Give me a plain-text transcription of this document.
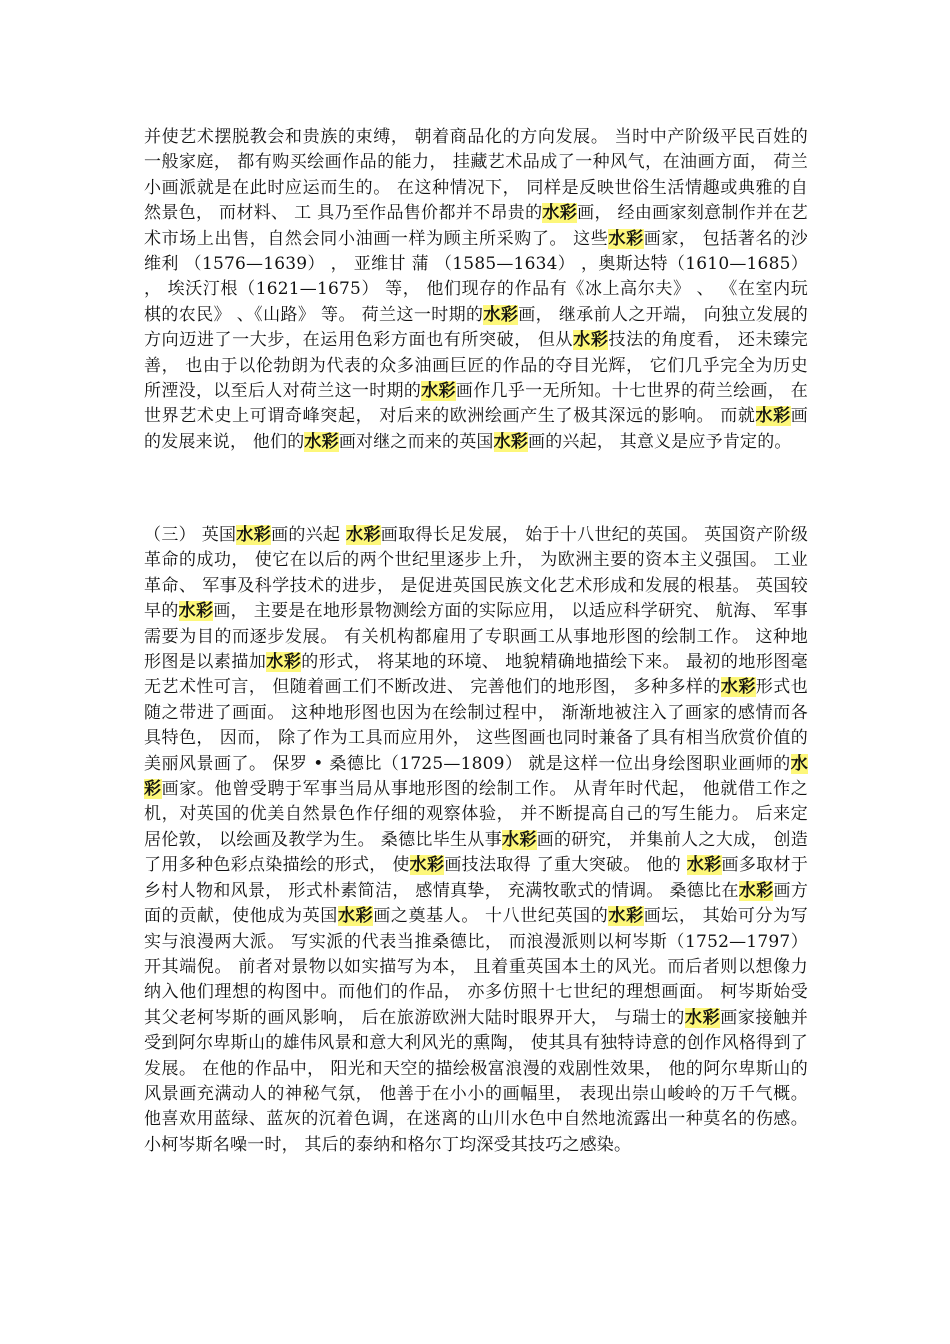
并使艺术摆脱教会和贵族的束缚， 朝着商品化的方向发展。 当时中产阶级平民百姓的一般家庭， 都有购买绘画作品的能力， 挂藏艺术品成了一种风气，在油画方面， 荷兰小画派就是在此时应运而生的。 在这种情况下， 同样是反映世俗生活情趣或典雅的自然景色， 而材料、 工 具乃至作品售价都并不昂贵的水彩画， 经由画家刻意制作并在艺术市场上出售，自然会同小油画一样为顾主所采购了。 这些水彩画家， 包括著名的沙维利 （1576—1639） ， 亚维甘 蒲 （1585—1634） ，奥斯达特（1610—1685） ， 埃沃汀根（1621—1675） 等， 他们现存的作品有《冰上高尔夫》 、 《在室内玩棋的农民》 、《山路》 等。 荷兰这一时期的水彩画， 继承前人之开端， 向独立发展的方向迈进了一大步，在运用色彩方面也有所突破， 但从水彩技法的角度看， 还未臻完善， 也由于以伦勃朗为代表的众多油画巨匠的作品的夺目光辉， 它们几乎完全为历史所湮没，以至后人对荷兰这一时期的水彩画作几乎一无所知。十七世界的荷兰绘画， 在世界艺术史上可谓奇峰突起， 对后来的欧洲绘画产生了极其深远的影响。 而就水彩画的发展来说， 他们的水彩画对继之而来的英国水彩画的兴起， 其意义是应予肯定的。
（三） 英国水彩画的兴起 水彩画取得长足发展， 始于十八世纪的英国。 英国资产阶级革命的成功， 使它在以后的两个世纪里逐步上升， 为欧洲主要的资本主义强国。 工业革命、 军事及科学技术的进步， 是促进英国民族文化艺术形成和发展的根基。 英国较早的水彩画， 主要是在地形景物测绘方面的实际应用， 以适应科学研究、 航海、 军事需要为目的而逐步发展。 有关机构都雇用了专职画工从事地形图的绘制工作。 这种地形图是以素描加水彩的形式， 将某地的环境、 地貌精确地描绘下来。 最初的地形图毫无艺术性可言， 但随着画工们不断改进、 完善他们的地形图， 多种多样的水彩形式也随之带进了画面。 这种地形图也因为在绘制过程中， 渐渐地被注入了画家的感情而各具特色， 因而， 除了作为工具而应用外， 这些图画也同时兼备了具有相当欣赏价值的美丽风景画了。 保罗 • 桑德比（1725—1809） 就是这样一位出身绘图职业画师的水彩画家。他曾受聘于军事当局从事地形图的绘制工作。 从青年时代起， 他就借工作之机，对英国的优美自然景色作仔细的观察体验， 并不断提高自己的写生能力。 后来定居伦敦， 以绘画及教学为生。 桑德比毕生从事水彩画的研究， 并集前人之大成， 创造了用多种色彩点染描绘的形式， 使水彩画技法取得 了重大突破。 他的 水彩画多取材于乡村人物和风景， 形式朴素简洁， 感情真挚， 充满牧歌式的情调。 桑德比在水彩画方面的贡献，使他成为英国水彩画之奠基人。 十八世纪英国的水彩画坛， 其始可分为写实与浪漫两大派。 写实派的代表当推桑德比， 而浪漫派则以柯岑斯（1752—1797） 开其端倪。 前者对景物以如实描写为本， 且着重英国本土的风光。而后者则以想像力纳入他们理想的构图中。而他们的作品， 亦多仿照十七世纪的理想画面。 柯岑斯始受其父老柯岑斯的画风影响， 后在旅游欧洲大陆时眼界开大， 与瑞士的水彩画家接触并受到阿尔卑斯山的雄伟风景和意大利风光的熏陶， 使其具有独特诗意的创作风格得到了发展。 在他的作品中， 阳光和天空的描绘极富浪漫的戏剧性效果， 他的阿尔卑斯山的风景画充满动人的神秘气氛， 他善于在小小的画幅里， 表现出崇山峻岭的万千气概。 他喜欢用蓝绿、蓝灰的沉着色调，在迷离的山川水色中自然地流露出一种莫名的伤感。 小柯岑斯名噪一时， 其后的泰纳和格尔丁均深受其技巧之感染。
